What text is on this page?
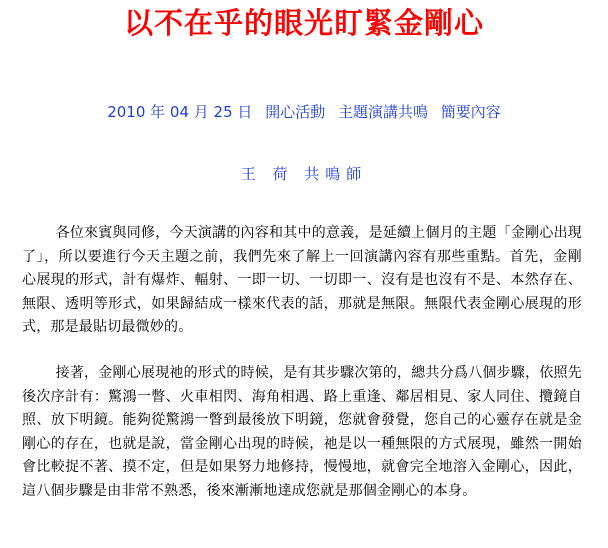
以不在乎的眼光盯緊金剛心

2010 年 04 月 25 日 開心活動 主題演講共鳴 簡要內容

王 荷 共鳴師

各位來賓與同修，今天演講的內容和其中的意義，是延續上個月的主題「金剛心出現了」，所以要進行今天主題之前，我們先來了解上一回演講內容有那些重點。首先，金剛心展現的形式，計有爆炸、輻射、一即一切、一切即一、沒有是也沒有不是、本然存在、無限、透明等形式，如果歸結成一樣來代表的話，那就是無限。無限代表金剛心展現的形式，那是最貼切最微妙的。

接著，金剛心展現祂的形式的時候，是有其步驟次第的，總共分爲八個步驟，依照先後次序計有：驚鴻一瞥、火車相閃、海角相遇、路上重逢、鄰居相見、家人同住、攬鏡自照、放下明鏡。能夠從驚鴻一瞥到最後放下明鏡，您就會發覺，您自己的心靈存在就是金剛心的存在，也就是說，當金剛心出現的時候，祂是以一種無限的方式展現，雖然一開始會比較捉不著、摸不定，但是如果努力地修持，慢慢地，就會完全地溶入金剛心，因此，這八個步驟是由非常不熟悉，後來漸漸地達成您就是那個金剛心的本身。
